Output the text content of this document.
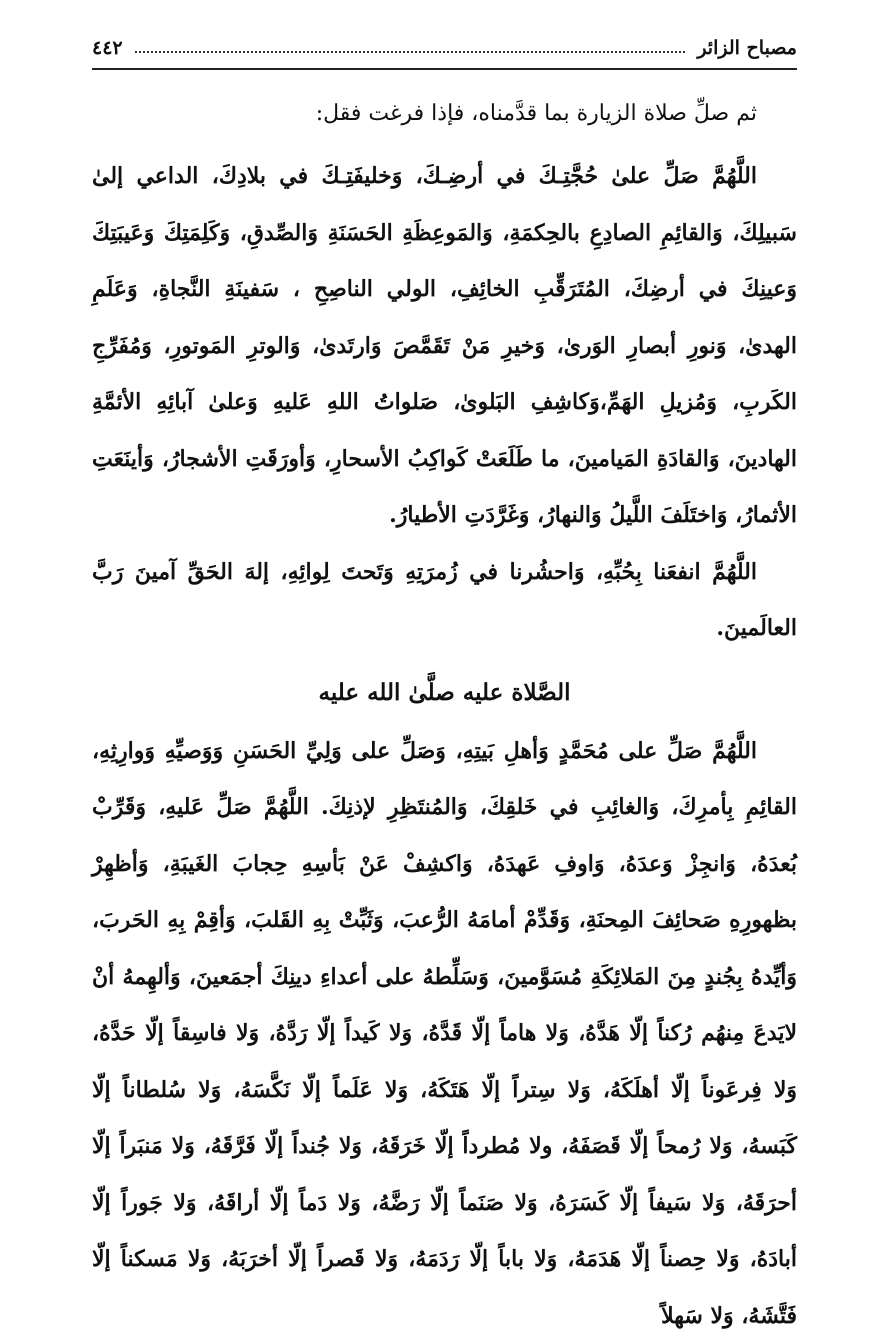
مصباح الزائر
٤٤٢

ثم صلِّ صلاة الزيارة بما قدَّمناه، فإذا فرغت فقل:

اللَّهُمَّ صَلِّ علىٰ حُجَّتِـكَ في أرضِـكَ، وَخليفَتِـكَ في بلادِكَ، الداعي إلىٰ سَبيلِكَ، وَالقائِمِ الصادِعِ بالحِكمَةِ، وَالمَوعِظَةِ الحَسَنَةِ وَالصِّدقِ، وَكَلِمَتِكَ وَعَيبَتِكَ وَعينِكَ في أرضِكَ، المُتَرَقِّبِ الخائِفِ، الولي الناصِحِ ، سَفينَةِ النَّجاةِ، وَعَلَمِ الهدىٰ، وَنورِ أبصارِ الوَرىٰ، وَخيرِ مَنْ تَقَمَّصَ وَارتَدىٰ، وَالوترِ المَوتورِ، وَمُفَرِّجِ الكَربِ، وَمُزيلِ الهَمِّ،وَكاشِفِ البَلوىٰ، صَلواتُ اللهِ عَليهِ وَعلىٰ آبائِهِ الأئمَّةِ الهادينَ، وَالقادَةِ المَيامينَ، ما طَلَعَتْ كَواكِبُ الأسحارِ، وَأورَقَتِ الأشجارُ، وَأينَعَتِ الأثمارُ، وَاختَلَفَ اللَّيلُ وَالنهارُ، وَغَرَّدَتِ الأطيارُ.

اللَّهُمَّ انفعَنا بِحُبِّهِ، وَاحشُرنا في زُمرَتِهِ وَتَحتَ لِوائِهِ، إلهَ الحَقِّ آمينَ رَبَّ العالَمينَ.

الصَّلاة عليه صلَّىٰ الله عليه

اللَّهُمَّ صَلِّ على مُحَمَّدٍ وَأهلِ بَيتِهِ، وَصَلِّ على وَلِيِّ الحَسَنِ وَوَصيِّهِ وَوارِثِهِ، القائِمِ بِأمرِكَ، وَالغائِبِ في خَلقِكَ، وَالمُنتَظِرِ لإذنِكَ. اللَّهُمَّ صَلِّ عَليهِ، وَقَرِّبْ بُعدَهُ، وَانجِزْ وَعدَهُ، وَاوفِ عَهدَهُ، وَاكشِفْ عَنْ بَأسِهِ حِجابَ الغَيبَةِ، وَأظهِرْ بظهورِهِ صَحائِفَ المِحنَةِ، وَقَدِّمْ أمامَهُ الرُّعبَ، وَثَبِّتْ بِهِ القَلبَ، وَأقِمْ بِهِ الحَربَ، وَأيِّدهُ بِجُندٍ مِنَ المَلائِكَةِ مُسَوَّمينَ، وَسَلِّطهُ على أعداءِ دينِكَ أجمَعينَ، وَألهِمهُ أنْ لايَدعَ مِنهُم رُكناً إلّا هَدَّهُ، وَلا هاماً إلّا قَدَّهُ، وَلا كَيداً إلّا رَدَّهُ، وَلا فاسِقاً إلّا حَدَّهُ، وَلا فِرعَوناً إلّا أهلَكَهُ، وَلا سِتراً إلّا هَتَكَهُ، وَلا عَلَماً إلّا نَكَّسَهُ، وَلا سُلطاناً إلّا كَبَسهُ، وَلا رُمحاً إلّا قَصَفَهُ، ولا مُطرداً إلّا خَرَقَهُ، وَلا جُنداً إلّا فَرَّقَهُ، وَلا مَنبَراً إلّا أحرَقَهُ، وَلا سَيفاً إلّا كَسَرَهُ، وَلا صَنَماً إلّا رَضَّهُ، وَلا دَماً إلّا أراقَهُ، وَلا جَوراً إلّا أبادَهُ، وَلا حِصناً إلّا هَدَمَهُ، وَلا باباً إلّا رَدَمَهُ، وَلا قَصراً إلّا أخرَبَهُ، وَلا مَسكناً إلّا فَتَّشَهُ، وَلا سَهلاً
